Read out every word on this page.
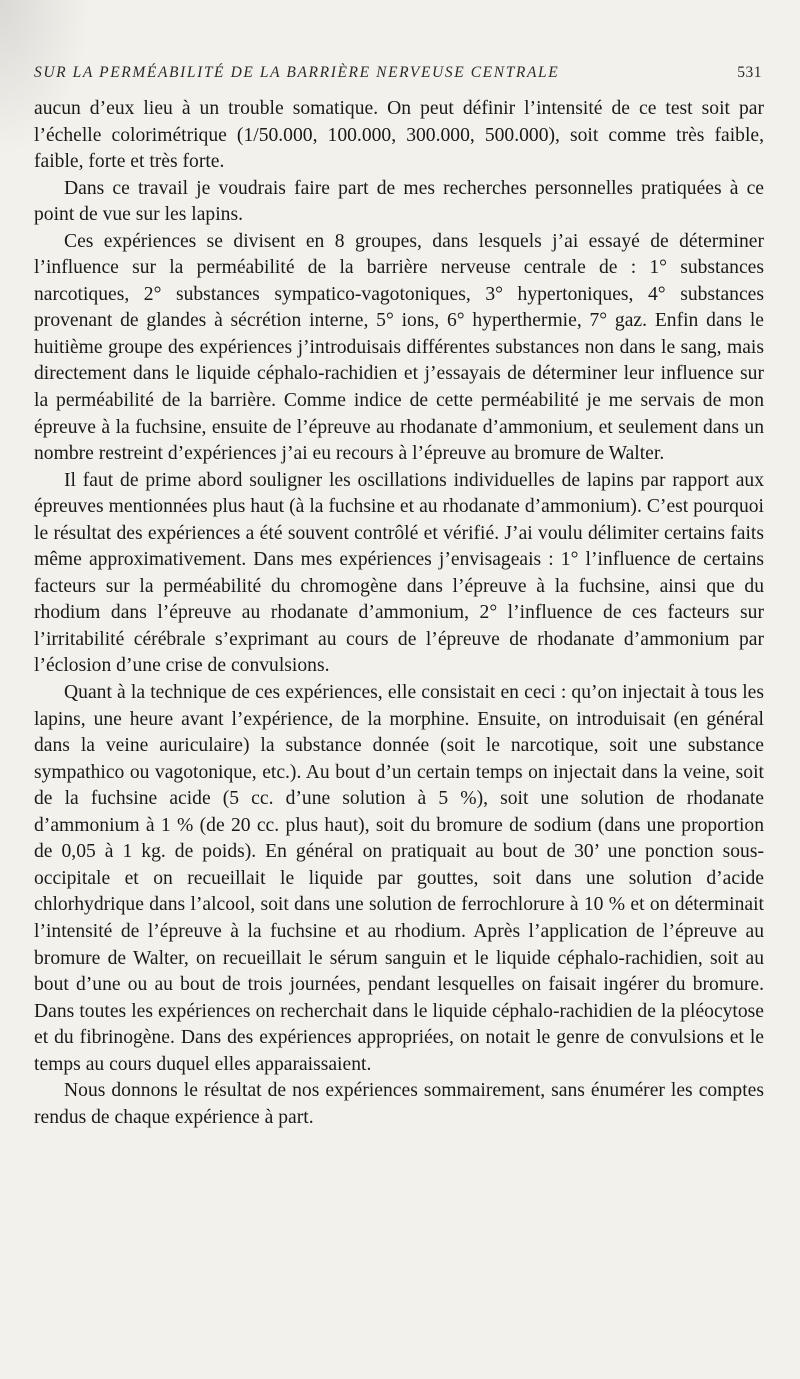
SUR LA PERMÉABILITÉ DE LA BARRIÈRE NERVEUSE CENTRALE	531

aucun d’eux lieu à un trouble somatique. On peut définir l’intensité de ce test soit par l’échelle colorimétrique (1/50.000, 100.000, 300.000, 500.000), soit comme très faible, faible, forte et très forte.

Dans ce travail je voudrais faire part de mes recherches personnelles pratiquées à ce point de vue sur les lapins.

Ces expériences se divisent en 8 groupes, dans lesquels j’ai essayé de déterminer l’influence sur la perméabilité de la barrière nerveuse centrale de : 1° substances narcotiques, 2° substances sympatico-vagotoniques, 3° hypertoniques, 4° substances provenant de glandes à sécrétion interne, 5° ions, 6° hyperthermie, 7° gaz. Enfin dans le huitième groupe des expériences j’introduisais différentes substances non dans le sang, mais directement dans le liquide céphalo-rachidien et j’essayais de déterminer leur influence sur la perméabilité de la barrière. Comme indice de cette perméabilité je me servais de mon épreuve à la fuchsine, ensuite de l’épreuve au rhodanate d’ammonium, et seulement dans un nombre restreint d’expériences j’ai eu recours à l’épreuve au bromure de Walter.

Il faut de prime abord souligner les oscillations individuelles de lapins par rapport aux épreuves mentionnées plus haut (à la fuchsine et au rhodanate d’ammonium). C’est pourquoi le résultat des expériences a été souvent contrôlé et vérifié. J’ai voulu délimiter certains faits même approximativement. Dans mes expériences j’envisageais : 1° l’influence de certains facteurs sur la perméabilité du chromogène dans l’épreuve à la fuchsine, ainsi que du rhodium dans l’épreuve au rhodanate d’ammonium, 2° l’influence de ces facteurs sur l’irritabilité cérébrale s’exprimant au cours de l’épreuve de rhodanate d’ammonium par l’éclosion d’une crise de convulsions.

Quant à la technique de ces expériences, elle consistait en ceci : qu’on injectait à tous les lapins, une heure avant l’expérience, de la morphine. Ensuite, on introduisait (en général dans la veine auriculaire) la substance donnée (soit le narcotique, soit une substance sympathico ou vagotonique, etc.). Au bout d’un certain temps on injectait dans la veine, soit de la fuchsine acide (5 cc. d’une solution à 5 %), soit une solution de rhodanate d’ammonium à 1 % (de 20 cc. plus haut), soit du bromure de sodium (dans une proportion de 0,05 à 1 kg. de poids). En général on pratiquait au bout de 30’ une ponction sous-occipitale et on recueillait le liquide par gouttes, soit dans une solution d’acide chlorhydrique dans l’alcool, soit dans une solution de ferrochlorure à 10 % et on déterminait l’intensité de l’épreuve à la fuchsine et au rhodium. Après l’application de l’épreuve au bromure de Walter, on recueillait le sérum sanguin et le liquide céphalo-rachidien, soit au bout d’une ou au bout de trois journées, pendant lesquelles on faisait ingérer du bromure. Dans toutes les expériences on recherchait dans le liquide céphalo-rachidien de la pléocytose et du fibrinogène. Dans des expériences appropriées, on notait le genre de convulsions et le temps au cours duquel elles apparaissaient.

Nous donnons le résultat de nos expériences sommairement, sans énumérer les comptes rendus de chaque expérience à part.
